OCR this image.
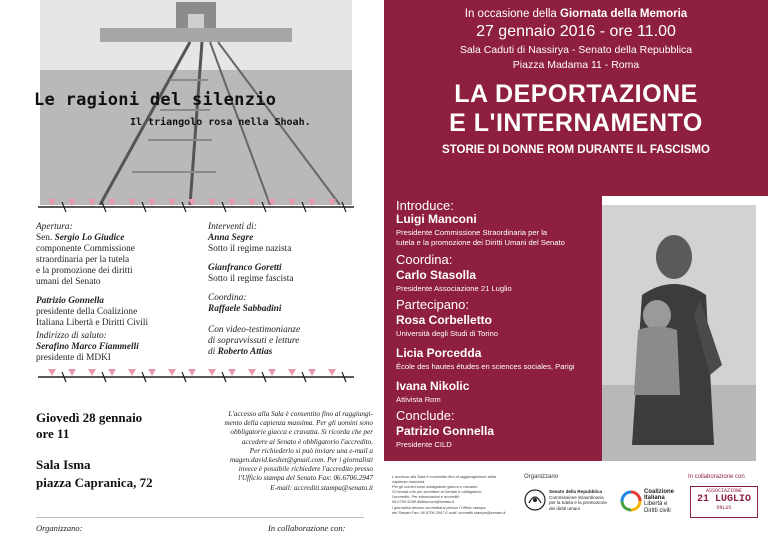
Le ragioni del silenzio
Il triangolo rosa nella Shoah.
Apertura:
Sen. Sergio Lo Giudice
componente Commissione
straordinaria per la tutela
e la promozione dei diritti
umani del Senato
Patrizio Gonnella
presidente della Coalizione
Italiana Libertà e Diritti Civili
Indirizzo di saluto:
Serafino Marco Fiammelli
presidente di MDKI
Interventi di:
Anna Segre
Sotto il regime nazista
Gianfranco Goretti
Sotto il regime fascista
Coordina:
Raffaele Sabbadini
Con video-testimonianze
di sopravvissuti e letture
di Roberto Attias
Giovedì 28 gennaio
ore 11
Sala Isma
piazza Capranica, 72
L'accesso alla Sala è consentito fino al raggiungi-
mento della capienza massima. Per gli uomini sono
obbligatorie giacca e cravatta. Si ricorda che per
accedere al Senato è obbligatorio l'accredito.
Per richiederlo si può inviare una e-mail a
magen.david.keshet@gmail.com. Per i giornalisti
invece è possibile richiedere l'accredito presso
l'Ufficio stampa del Senato Fax: 06.6706.2947
E-mail: accrediti.stampa@senato.it
Organizzano:	In collaborazione con:
In occasione della Giornata della Memoria
27 gennaio 2016 - ore 11.00
Sala Caduti di Nassirya - Senato della Repubblica
Piazza Madama 11 - Roma
LA DEPORTAZIONE
E L'INTERNAMENTO
STORIE DI DONNE ROM DURANTE IL FASCISMO
Introduce:
Luigi Manconi
Presidente Commissione Straordinaria per la
tutela e la promozione dei Diritti Umani del Senato
Coordina:
Carlo Stasolla
Presidente Associazione 21 Luglio
Partecipano:
Rosa Corbelletto
Università degli Studi di Torino
Licia Porcedda
École des hautes études en sciences sociales, Parigi
Ivana Nikolic
Attivista Rom
Conclude:
Patrizio Gonnella
Presidente CILD
L'accesso alla Sala è consentito fino al raggiungimento della
capienza massima.
Per gli uomini sono obbligatorie giacca e cravatta.
Si ricorda che per accedere al Senato è obbligatorio
l'accredito. Per informazioni e accrediti:
06.6706.5298 dirittiumani@senato.it
I giornalisti devono accreditarsi presso l'Ufficio stampa
del Senato Fax: 06.6706.2947 E-mail: accrediti.stampa@senato.it
Organizzano	In collaborazione con
Senato della Repubblica
Commissione straordinaria
per la tutela e la promozione
dei diritti umani
Coalizione
Italiana
Libertà e
Diritti civili
ASSOCIAZIONE
21 LUGLIO
ONLUS
